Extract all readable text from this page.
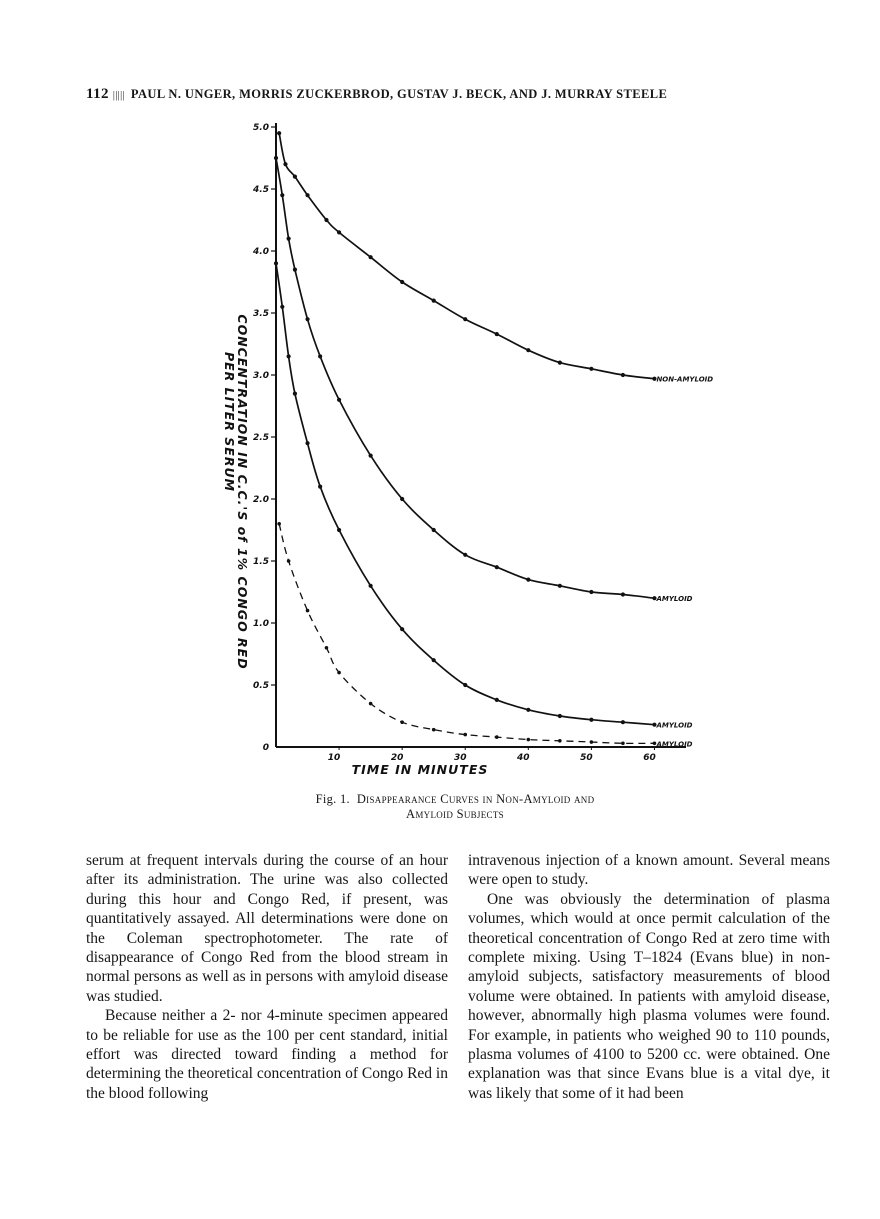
112 ||||| PAUL N. UNGER, MORRIS ZUCKERBROD, GUSTAV J. BECK, AND J. MURRAY STEELE
0
0.5
1.0
1.5
2.0
2.5
3.0
3.5
4.0
4.5
5.0
10	20	30	40	50	60
NON-AMYLOID
AMYLOID
AMYLOID
AMYLOID
TIME IN MINUTES
CONCENTRATION IN C.C.'S of 1% CONGO RED
PER LITER SERUM
Fig. 1. Disappearance Curves in Non-Amyloid and
Amyloid Subjects

serum at frequent intervals during the course of an hour after its administration. The urine was also collected during this hour and Congo Red, if present, was quantitatively assayed. All determinations were done on the Coleman spectrophotometer. The rate of disappearance of Congo Red from the blood stream in normal persons as well as in persons with amyloid disease was studied.

Because neither a 2- nor 4-minute specimen appeared to be reliable for use as the 100 per cent standard, initial effort was directed toward finding a method for determining the theoretical concentration of Congo Red in the blood following

intravenous injection of a known amount. Several means were open to study.

One was obviously the determination of plasma volumes, which would at once permit calculation of the theoretical concentration of Congo Red at zero time with complete mixing. Using T–1824 (Evans blue) in non-amyloid subjects, satisfactory measurements of blood volume were obtained. In patients with amyloid disease, however, abnormally high plasma volumes were found. For example, in patients who weighed 90 to 110 pounds, plasma volumes of 4100 to 5200 cc. were obtained. One explanation was that since Evans blue is a vital dye, it was likely that some of it had been
